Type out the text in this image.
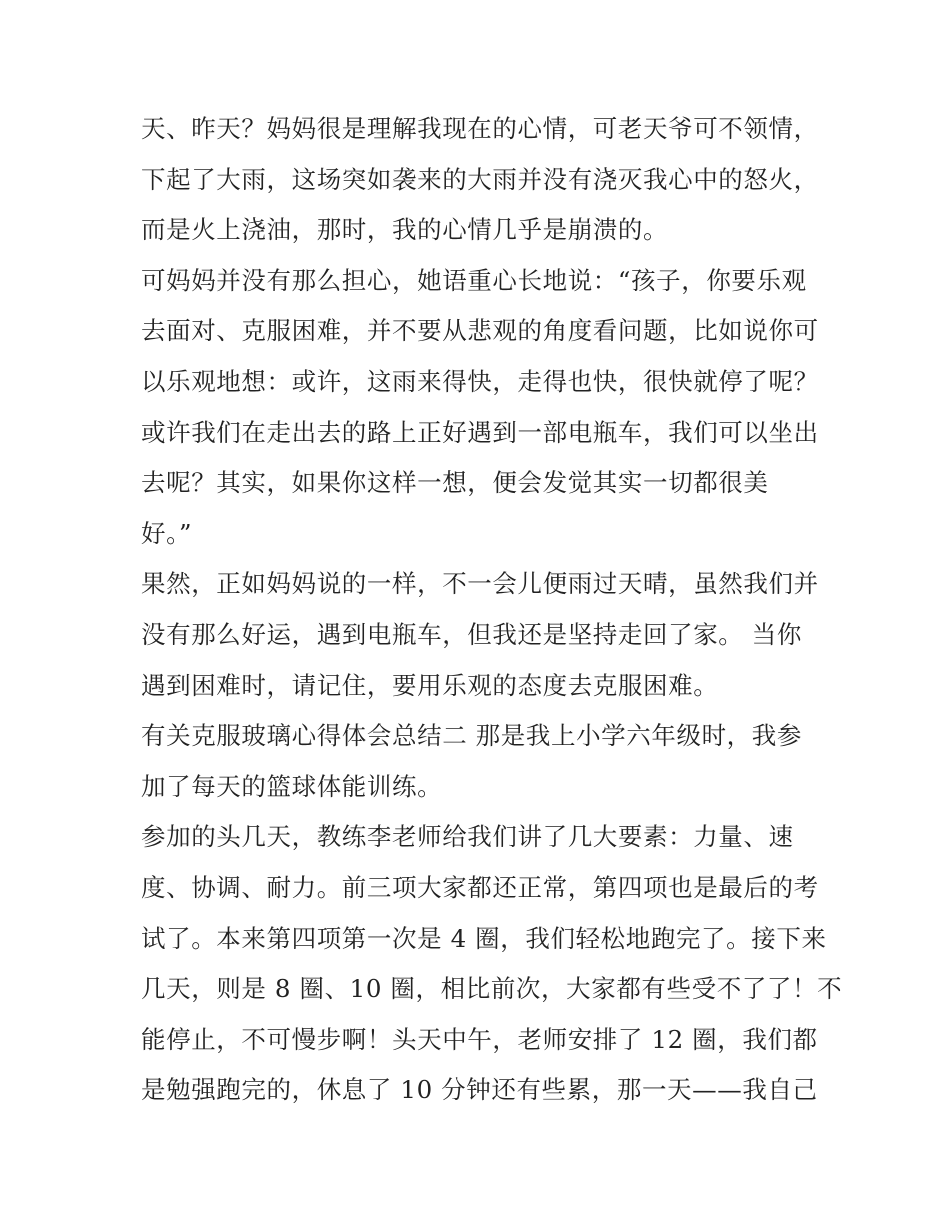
天、昨天？妈妈很是理解我现在的心情，可老天爷可不领情，
下起了大雨，这场突如袭来的大雨并没有浇灭我心中的怒火，
而是火上浇油，那时，我的心情几乎是崩溃的。
可妈妈并没有那么担心，她语重心长地说：“孩子，你要乐观
去面对、克服困难，并不要从悲观的角度看问题，比如说你可
以乐观地想：或许，这雨来得快，走得也快，很快就停了呢？
或许我们在走出去的路上正好遇到一部电瓶车，我们可以坐出
去呢？其实，如果你这样一想，便会发觉其实一切都很美
好。”
果然，正如妈妈说的一样，不一会儿便雨过天晴，虽然我们并
没有那么好运，遇到电瓶车，但我还是坚持走回了家。 当你
遇到困难时，请记住，要用乐观的态度去克服困难。
有关克服玻璃心得体会总结二 那是我上小学六年级时，我参
加了每天的篮球体能训练。
参加的头几天，教练李老师给我们讲了几大要素：力量、速
度、协调、耐力。前三项大家都还正常，第四项也是最后的考
试了。本来第四项第一次是 4 圈，我们轻松地跑完了。接下来
几天，则是 8 圈、10 圈，相比前次，大家都有些受不了了！不
能停止，不可慢步啊！头天中午，老师安排了 12 圈，我们都
是勉强跑完的，休息了 10 分钟还有些累，那一天——我自己
